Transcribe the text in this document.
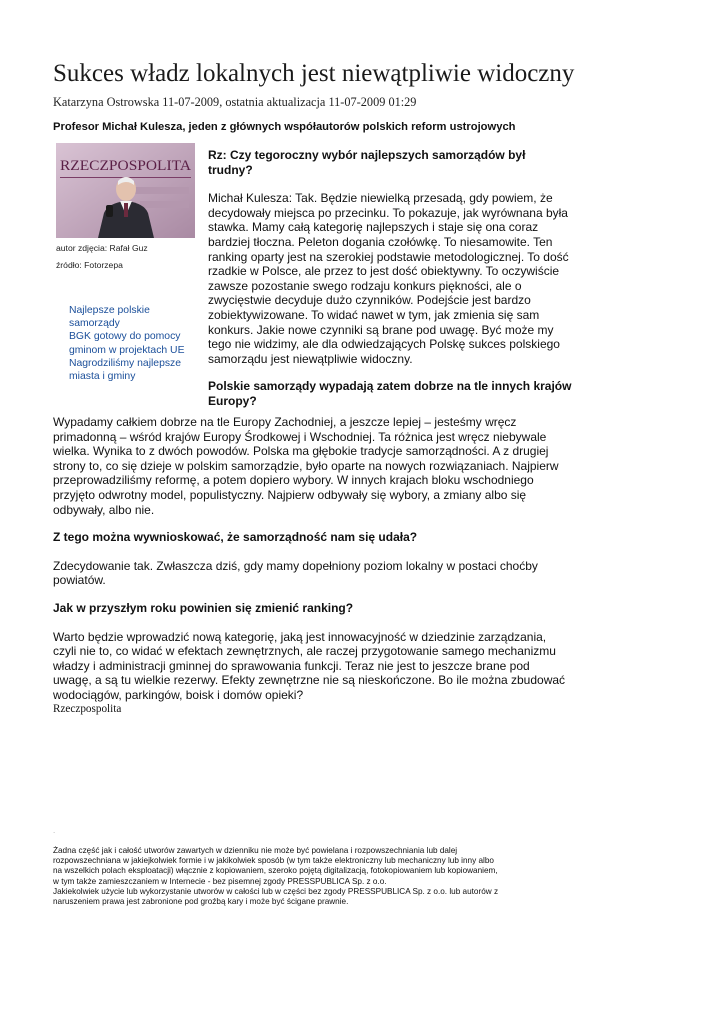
Sukces władz lokalnych jest niewątpliwie widoczny
Katarzyna Ostrowska 11-07-2009, ostatnia aktualizacja 11-07-2009 01:29

Profesor Michał Kulesza, jeden z głównych współautorów polskich reform ustrojowych

RZECZPOSPOLITA
autor zdjęcia: Rafał Guz
źródło: Fotorzepa
Najlepsze polskie samorządy
BGK gotowy do pomocy gminom w projektach UE
Nagrodziliśmy najlepsze miasta i gminy

Rz: Czy tegoroczny wybór najlepszych samorządów był trudny?

Michał Kulesza: Tak. Będzie niewielką przesadą, gdy powiem, że decydowały miejsca po przecinku. To pokazuje, jak wyrównana była stawka. Mamy całą kategorię najlepszych i staje się ona coraz bardziej tłoczna. Peleton dogania czołówkę. To niesamowite. Ten ranking oparty jest na szerokiej podstawie metodologicznej. To dość rzadkie w Polsce, ale przez to jest dość obiektywny. To oczywiście zawsze pozostanie swego rodzaju konkurs piękności, ale o zwycięstwie decyduje dużo czynników. Podejście jest bardzo zobiektywizowane. To widać nawet w tym, jak zmienia się sam konkurs. Jakie nowe czynniki są brane pod uwagę. Być może my tego nie widzimy, ale dla odwiedzających Polskę sukces polskiego samorządu jest niewątpliwie widoczny.

Polskie samorządy wypadają zatem dobrze na tle innych krajów Europy?

Wypadamy całkiem dobrze na tle Europy Zachodniej, a jeszcze lepiej – jesteśmy wręcz primadonną – wśród krajów Europy Środkowej i Wschodniej. Ta różnica jest wręcz niebywale wielka. Wynika to z dwóch powodów. Polska ma głębokie tradycje samorządności. A z drugiej strony to, co się dzieje w polskim samorządzie, było oparte na nowych rozwiązaniach. Najpierw przeprowadziliśmy reformę, a potem dopiero wybory. W innych krajach bloku wschodniego przyjęto odwrotny model, populistyczny. Najpierw odbywały się wybory, a zmiany albo się odbywały, albo nie.

Z tego można wywnioskować, że samorządność nam się udała?

Zdecydowanie tak. Zwłaszcza dziś, gdy mamy dopełniony poziom lokalny w postaci choćby powiatów.

Jak w przyszłym roku powinien się zmienić ranking?

Warto będzie wprowadzić nową kategorię, jaką jest innowacyjność w dziedzinie zarządzania, czyli nie to, co widać w efektach zewnętrznych, ale raczej przygotowanie samego mechanizmu władzy i administracji gminnej do sprawowania funkcji. Teraz nie jest to jeszcze brane pod uwagę, a są tu wielkie rezerwy. Efekty zewnętrzne nie są nieskończone. Bo ile można zbudować wodociągów, parkingów, boisk i domów opieki?

Rzeczpospolita
.
Żadna część jak i całość utworów zawartych w dzienniku nie może być powielana i rozpowszechniania lub dalej
rozpowszechniana w jakiejkolwiek formie i w jakikolwiek sposób (w tym także elektroniczny lub mechaniczny lub inny albo
na wszelkich polach eksploatacji) włącznie z kopiowaniem, szeroko pojętą digitalizacją, fotokopiowaniem lub kopiowaniem,
w tym także zamieszczaniem w Internecie - bez pisemnej zgody PRESSPUBLICA Sp. z o.o.
Jakiekolwiek użycie lub wykorzystanie utworów w całości lub w części bez zgody PRESSPUBLICA Sp. z o.o. lub autorów z
naruszeniem prawa jest zabronione pod groźbą kary i może być ścigane prawnie.
